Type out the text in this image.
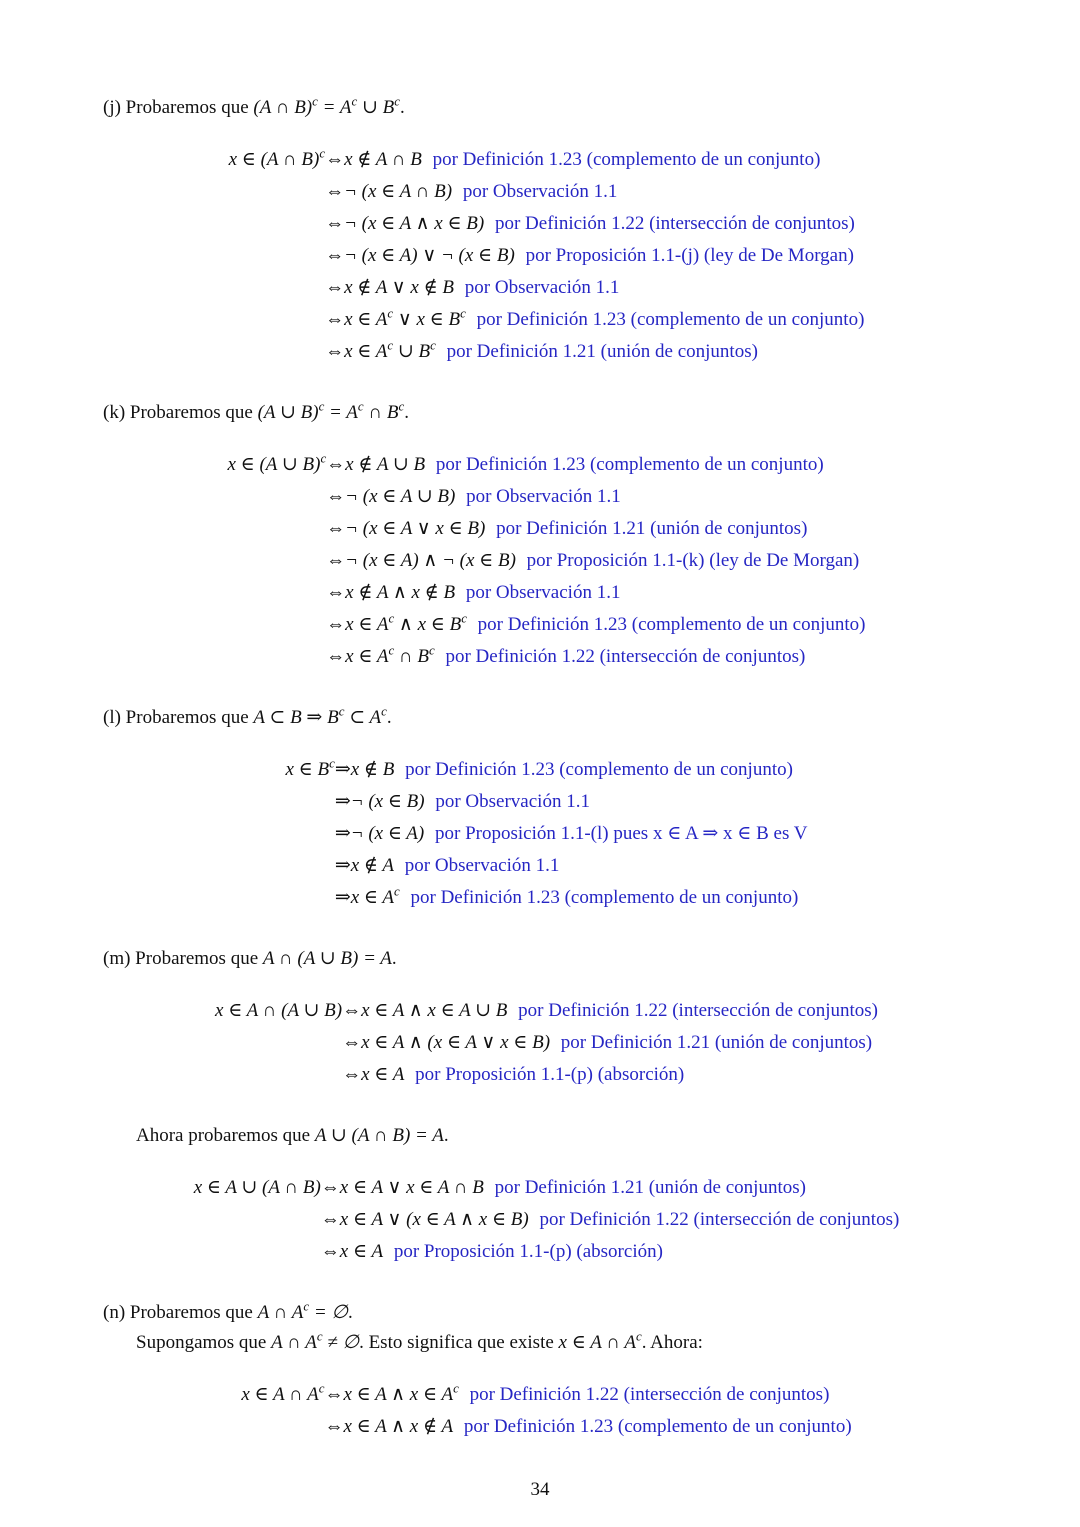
(j) Probaremos que (A ∩ $B)^c = A^c$ ∪ $B^c$.
x ∈ (A ∩ B)$^c$	⇔	x ∉ A ∩ B por Definición 1.23 (complemento de un conjunto)
	⇔	¬ (x ∈ A ∩ B) por Observación 1.1
	⇔	¬ (x ∈ A ∧ x ∈ B) por Definición 1.22 (intersección de conjuntos)
	⇔	¬ (x ∈ A) ∨ ¬ (x ∈ B) por Proposición 1.1-(j) (ley de De Morgan)
	⇔	x ∉ A ∨ x ∉ B por Observación 1.1
	⇔	x ∈ $A^c$ ∨ x ∈ $B^c$ por Definición 1.23 (complemento de un conjunto)
	⇔	x ∈ $A^c$ ∪ $B^c$ por Definición 1.21 (unión de conjuntos)
(k) Probaremos que (A ∪ $B)^c = A^c$ ∩ $B^c$.
x ∈ (A ∪ B)$^c$	⇔	x ∉ A ∪ B por Definición 1.23 (complemento de un conjunto)
	⇔	¬ (x ∈ A ∪ B) por Observación 1.1
	⇔	¬ (x ∈ A ∨ x ∈ B) por Definición 1.21 (unión de conjuntos)
	⇔	¬ (x ∈ A) ∧ ¬ (x ∈ B) por Proposición 1.1-(k) (ley de De Morgan)
	⇔	x ∉ A ∧ x ∉ B por Observación 1.1
	⇔	x ∈ $A^c$ ∧ x ∈ $B^c$ por Definición 1.23 (complemento de un conjunto)
	⇔	x ∈ $A^c$ ∩ $B^c$ por Definición 1.22 (intersección de conjuntos)
(l) Probaremos que A ⊂ B ⇒ $B^c$ ⊂ $A^c$.
x ∈ $B^c$	⇒	x ∉ B por Definición 1.23 (complemento de un conjunto)
	⇒	¬ (x ∈ B) por Observación 1.1
	⇒	¬ (x ∈ A) por Proposición 1.1-(l) pues x ∈ A ⇒ x ∈ B es V
	⇒	x ∉ A por Observación 1.1
	⇒	x ∈ $A^c$ por Definición 1.23 (complemento de un conjunto)
(m) Probaremos que A ∩ (A ∪ B) = A.
x ∈ A ∩ (A ∪ B)	⇔	x ∈ A ∧ x ∈ A ∪ B por Definición 1.22 (intersección de conjuntos)
	⇔	x ∈ A ∧ (x ∈ A ∨ x ∈ B) por Definición 1.21 (unión de conjuntos)
	⇔	x ∈ A por Proposición 1.1-(p) (absorción)
Ahora probaremos que A ∪ (A ∩ B) = A.
x ∈ A ∪ (A ∩ B)	⇔	x ∈ A ∨ x ∈ A ∩ B por Definición 1.21 (unión de conjuntos)
	⇔	x ∈ A ∨ (x ∈ A ∧ x ∈ B) por Definición 1.22 (intersección de conjuntos)
	⇔	x ∈ A por Proposición 1.1-(p) (absorción)
(n) Probaremos que A ∩ $A^c$ = ∅.
Supongamos que A ∩ $A^c$ ≠ ∅. Esto significa que existe x ∈ A ∩ $A^c$. Ahora:
x ∈ A ∩ $A^c$	⇔	x ∈ A ∧ x ∈ $A^c$ por Definición 1.22 (intersección de conjuntos)
	⇔	x ∈ A ∧ x ∉ A por Definición 1.23 (complemento de un conjunto)
34
